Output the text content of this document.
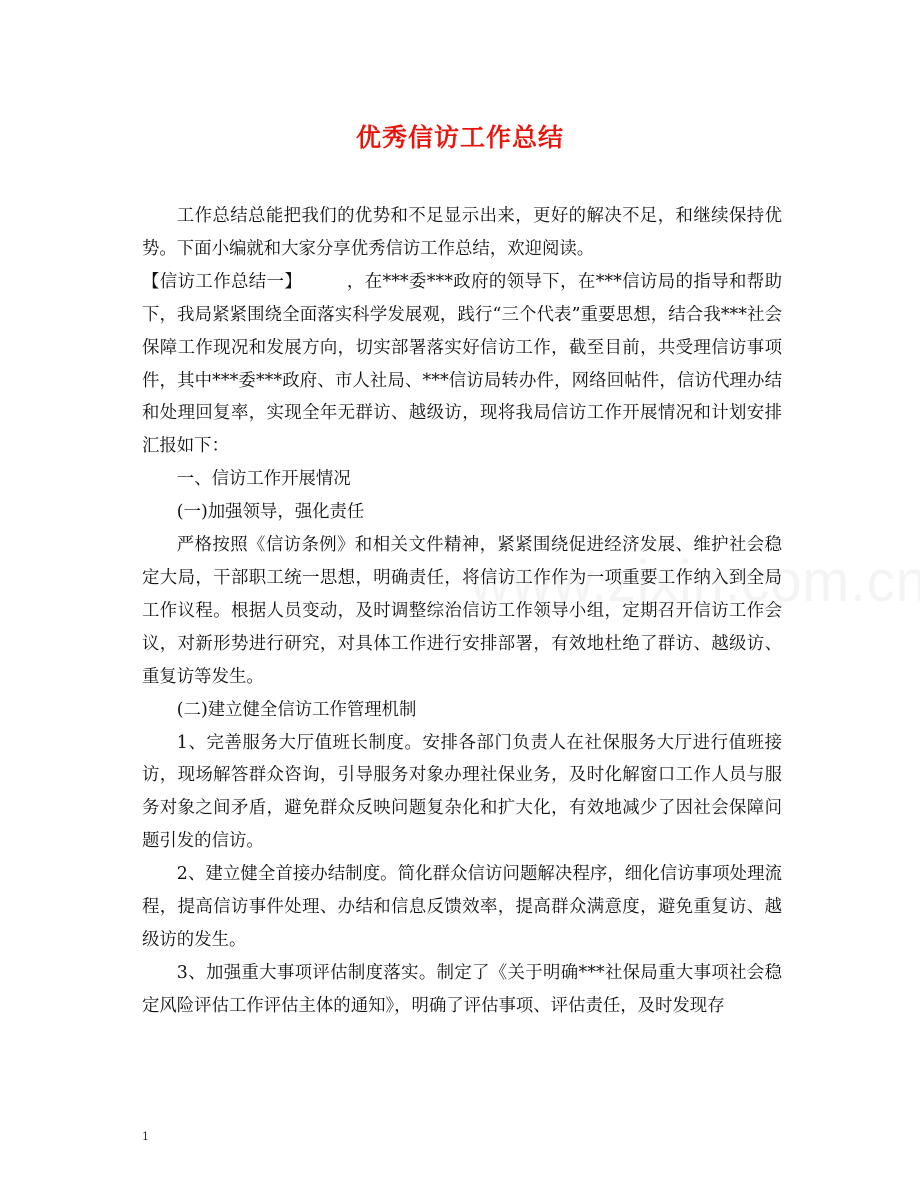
优秀信访工作总结

工作总结总能把我们的优势和不足显示出来，更好的解决不足，和继续保持优势。下面小编就和大家分享优秀信访工作总结，欢迎阅读。

【信访工作总结一】　　　，在***委***政府的领导下，在***信访局的指导和帮助下，我局紧紧围绕全面落实科学发展观，践行“三个代表”重要思想，结合我***社会保障工作现况和发展方向，切实部署落实好信访工作，截至目前，共受理信访事项件，其中***委***政府、市人社局、***信访局转办件，网络回帖件，信访代理办结和处理回复率，实现全年无群访、越级访，现将我局信访工作开展情况和计划安排汇报如下：

一、信访工作开展情况

(一)加强领导，强化责任

严格按照《信访条例》和相关文件精神，紧紧围绕促进经济发展、维护社会稳定大局，干部职工统一思想，明确责任，将信访工作作为一项重要工作纳入到全局工作议程。根据人员变动，及时调整综治信访工作领导小组，定期召开信访工作会议，对新形势进行研究，对具体工作进行安排部署，有效地杜绝了群访、越级访、重复访等发生。

(二)建立健全信访工作管理机制

1、完善服务大厅值班长制度。安排各部门负责人在社保服务大厅进行值班接访，现场解答群众咨询，引导服务对象办理社保业务，及时化解窗口工作人员与服务对象之间矛盾，避免群众反映问题复杂化和扩大化，有效地减少了因社会保障问题引发的信访。

2、建立健全首接办结制度。简化群众信访问题解决程序，细化信访事项处理流程，提高信访事件处理、办结和信息反馈效率，提高群众满意度，避免重复访、越级访的发生。

3、加强重大事项评估制度落实。制定了《关于明确***社保局重大事项社会稳定风险评估工作评估主体的通知》，明确了评估事项、评估责任，及时发现存

1
